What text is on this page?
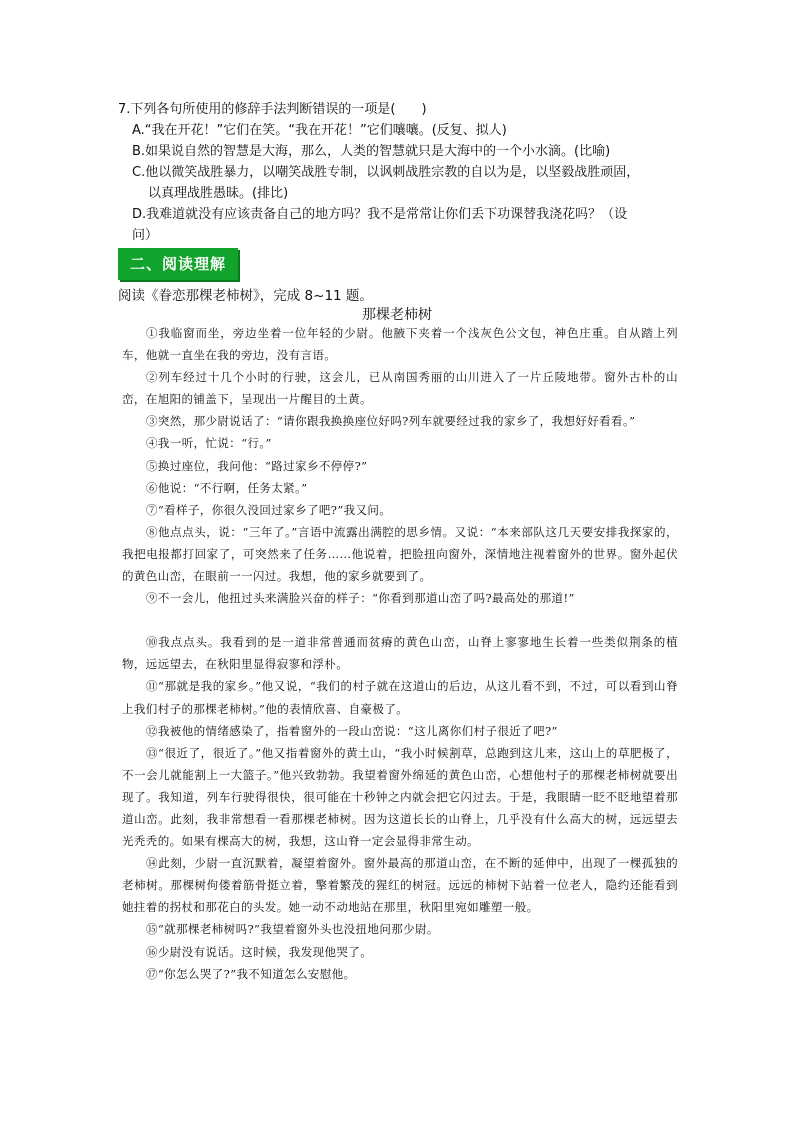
7.下列各句所使用的修辞手法判断错误的一项是(　　)
A.“我在开花！”它们在笑。“我在开花！”它们嚷嚷。(反复、拟人)
B.如果说自然的智慧是大海，那么，人类的智慧就只是大海中的一个小水滴。(比喻)
C.他以微笑战胜暴力，以嘲笑战胜专制，以讽刺战胜宗教的自以为是，以坚毅战胜顽固，
以真理战胜愚昧。(排比)
D.我难道就没有应该责备自己的地方吗？我不是常常让你们丢下功课替我浇花吗？（设
问）
二、阅读理解
阅读《眷恋那棵老柿树》，完成 8~11 题。
那棵老柿树

①我临窗而坐，旁边坐着一位年轻的少尉。他腋下夹着一个浅灰色公文包，神色庄重。自从踏上列车，他就一直坐在我的旁边，没有言语。

②列车经过十几个小时的行驶，这会儿，已从南国秀丽的山川进入了一片丘陵地带。窗外古朴的山峦，在旭阳的铺盖下，呈现出一片醒目的土黄。

③突然，那少尉说话了：“请你跟我换换座位好吗?列车就要经过我的家乡了，我想好好看看。”

④我一听，忙说：“行。”

⑤换过座位，我问他：“路过家乡不停停?”

⑥他说：“不行啊，任务太紧。”

⑦“看样子，你很久没回过家乡了吧?”我又问。

⑧他点点头，说：“三年了。”言语中流露出满腔的思乡情。又说：“本来部队这几天要安排我探家的，我把电报都打回家了，可突然来了任务……他说着，把脸扭向窗外，深情地注视着窗外的世界。窗外起伏的黄色山峦，在眼前一一闪过。我想，他的家乡就要到了。

⑨不一会儿，他扭过头来满脸兴奋的样子：“你看到那道山峦了吗?最高处的那道!”

⑩我点点头。我看到的是一道非常普通而贫瘠的黄色山峦，山脊上寥寥地生长着一些类似荆条的植物，远远望去，在秋阳里显得寂寥和浮朴。

⑪“那就是我的家乡。”他又说，“我们的村子就在这道山的后边，从这儿看不到，不过，可以看到山脊上我们村子的那棵老柿树。”他的表情欣喜、自豪极了。

⑫我被他的情绪感染了，指着窗外的一段山峦说：“这儿离你们村子很近了吧?”

⑬“很近了，很近了。”他又指着窗外的黄土山，“我小时候割草，总跑到这儿来，这山上的草肥极了，不一会儿就能割上一大篮子。”他兴致勃勃。我望着窗外绵延的黄色山峦，心想他村子的那棵老柿树就要出现了。我知道，列车行驶得很快，很可能在十秒钟之内就会把它闪过去。于是，我眼睛一眨不眨地望着那道山峦。此刻，我非常想看一看那棵老柿树。因为这道长长的山脊上，几乎没有什么高大的树，远远望去光秃秃的。如果有棵高大的树，我想，这山脊一定会显得非常生动。

⑭此刻，少尉一直沉默着，凝望着窗外。窗外最高的那道山峦，在不断的延伸中，出现了一棵孤独的老柿树。那棵树佝偻着筋骨挺立着，擎着繁茂的猩红的树冠。远远的柿树下站着一位老人，隐约还能看到她拄着的拐杖和那花白的头发。她一动不动地站在那里，秋阳里宛如雕塑一般。

⑮“就那棵老柿树吗?”我望着窗外头也没扭地问那少尉。

⑯少尉没有说话。这时候，我发现他哭了。

⑰“你怎么哭了?”我不知道怎么安慰他。
